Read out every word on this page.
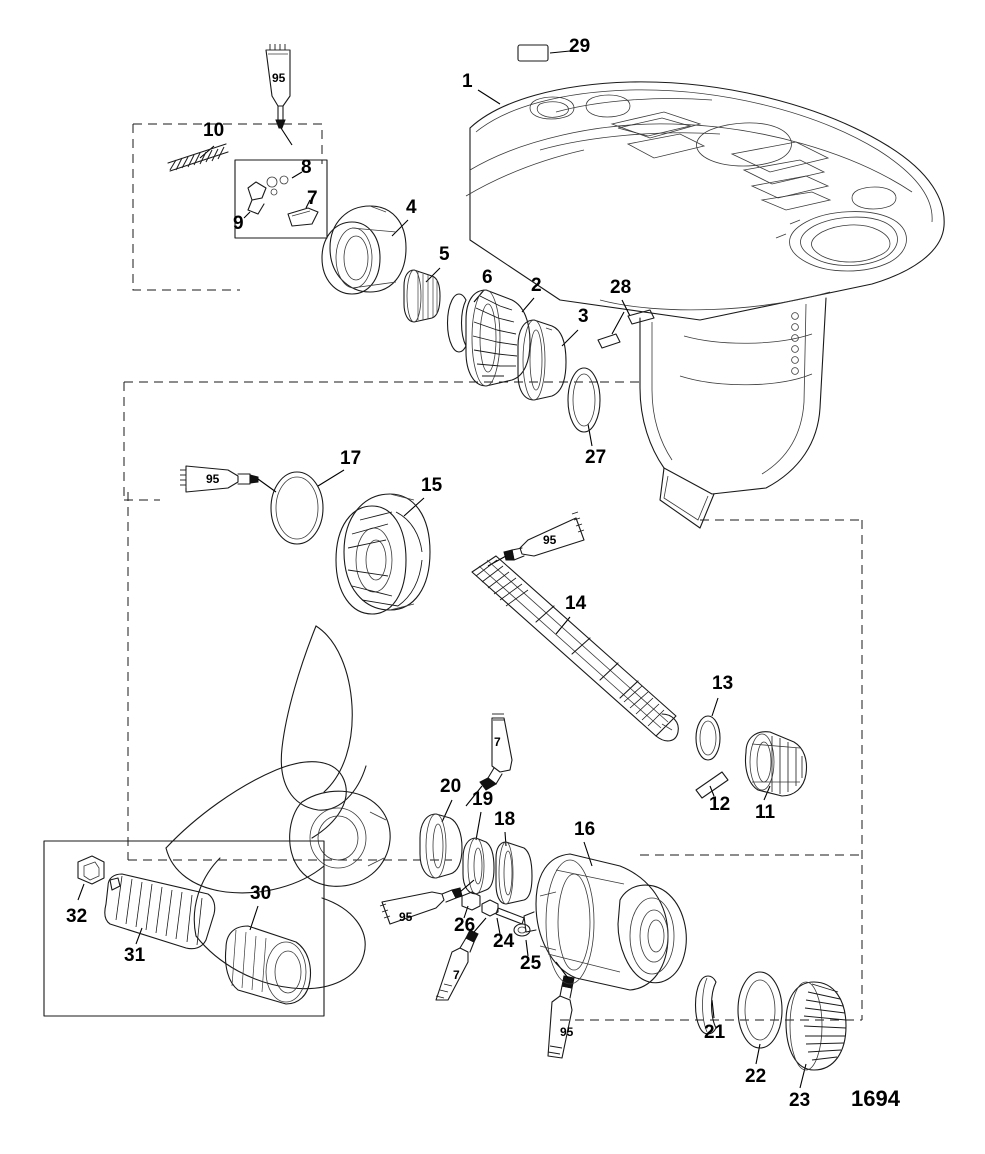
29
1
10
8
7
9
4
5
6 2	28
3
27
17
15
14
13
12 11
20
19
18	16
26
24
25
32
31
30
21
22
23
95
95
95
95
95
7
7
1694
